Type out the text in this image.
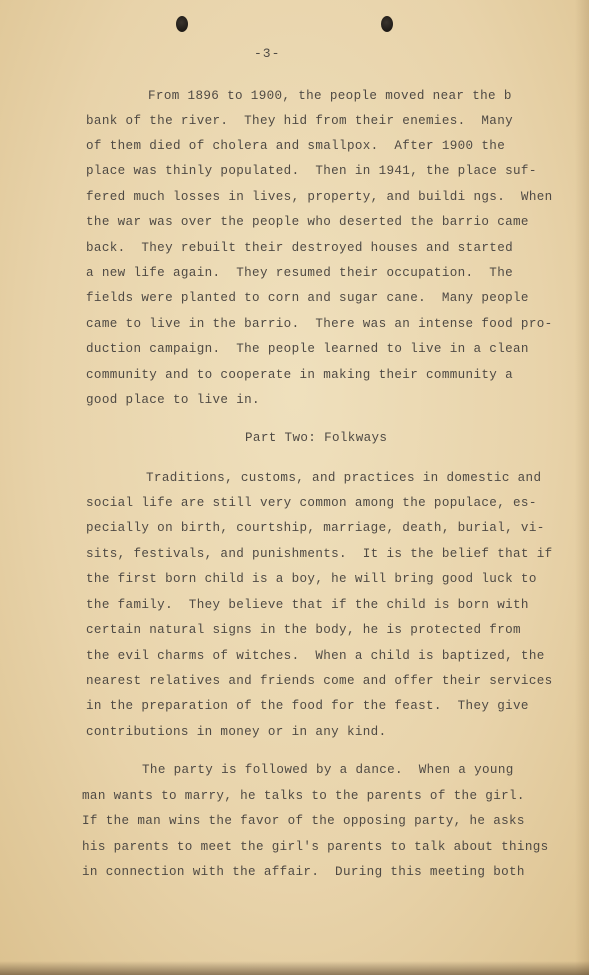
-3-
From 1896 to 1900, the people moved near the b
bank of the river.  They hid from their enemies.  Many
of them died of cholera and smallpox.  After 1900 the
place was thinly populated.  Then in 1941, the place suf-
fered much losses in lives, property, and buildi ngs.  When
the war was over the people who deserted the barrio came
back.  They rebuilt their destroyed houses and started
a new life again.  They resumed their occupation.  The
fields were planted to corn and sugar cane.  Many people
came to live in the barrio.  There was an intense food pro-
duction campaign.  The people learned to live in a clean
community and to cooperate in making their community a
good place to live in.
Part Two: Folkways
Traditions, customs, and practices in domestic and
social life are still very common among the populace, es-
pecially on birth, courtship, marriage, death, burial, vi-
sits, festivals, and punishments.  It is the belief that if
the first born child is a boy, he will bring good luck to
the family.  They believe that if the child is born with
certain natural signs in the body, he is protected from
the evil charms of witches.  When a child is baptized, the
nearest relatives and friends come and offer their services
in the preparation of the food for the feast.  They give
contributions in money or in any kind.
The party is followed by a dance.  When a young
man wants to marry, he talks to the parents of the girl.
If the man wins the favor of the opposing party, he asks
his parents to meet the girl's parents to talk about things
in connection with the affair.  During this meeting both
